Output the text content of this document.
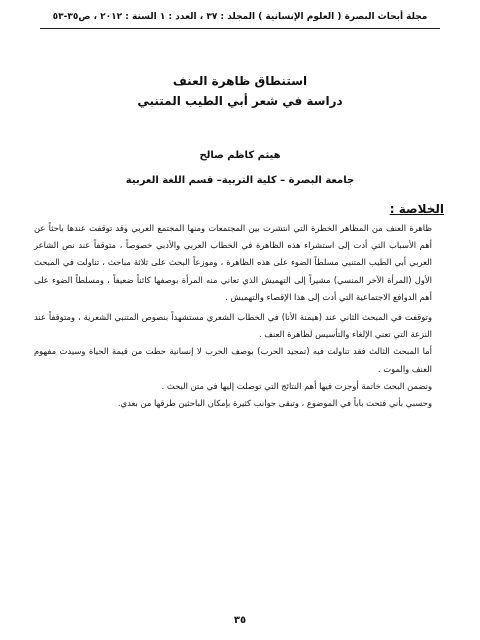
مجلة أبحاث البصرة ( العلوم الإنسانية ) المجلد : ٣٧ ، العدد : ١ السنة : ٢٠١٢ ، ص٣٥-٥٣
استنطاق ظاهرة العنف
دراسة في شعر أبي الطيب المتنبي
هيثم كاظم صالح
جامعة البصرة – كلية التربية– قسم اللغة العربية
الخلاصة :

ظاهرة العنف من المظاهر الخطرة التي انتشرت بين المجتمعات ومنها المجتمع العربي وقد توقفت عندها باحثاً عن أهم الأسباب التي أدت إلى استشراء هذه الظاهرة في الخطاب العربي والأدبي خصوصاً ، متوقفاً عند نص الشاعر العربي أبي الطيب المتنبي مسلطاً الضوء على هذه الظاهرة ، وموزعاً البحث على ثلاثة مباحث ، تناولت في المبحث الأول (المرأة الآخر المنسي) مشيراً إلى التهميش الذي تعاني منه المرأة بوصفها كائناً ضعيفاً ، ومسلطاً الضوء على أهم الدوافع الاجتماعية التي أدت إلى هذا الإقصاء والتهميش .

وتوقفت في المبحث الثاني عند (هيمنة الأنا) في الخطاب الشعري مستشهداً بنصوص المتنبي الشعرية ، ومتوقفاً عند النزعة التي تعني الإلغاء والتأسيس لظاهرة العنف .

أما المبحث الثالث فقد تناولت فيه (تمجيد الحرب) بوصف الحرب لا إنسانية حطت من قيمة الحياة وسيدت مفهوم العنف والموت .

وتضمن البحث خاتمة أوجزت فيها أهم النتائج التي توصلت إليها في متن البحث .

وحسبي بأني فتحت باباً في الموضوع ، وتبقى جوانب كثيرة بإمكان الباحثين طرقها من بعدي.

٣٥
